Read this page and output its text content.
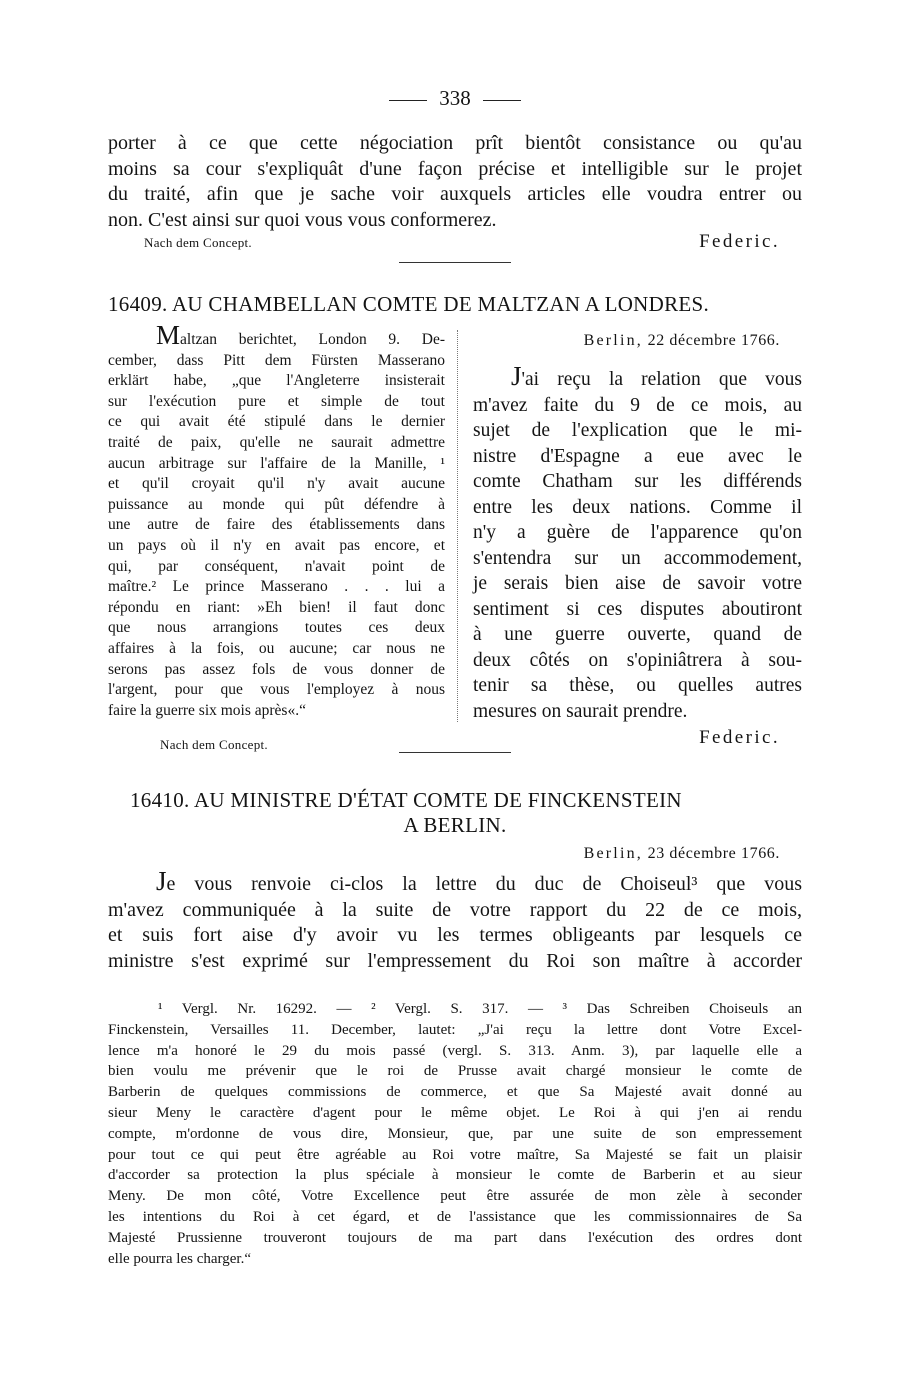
338
porter à ce que cette négociation prît bientôt consistance ou qu'au
moins sa cour s'expliquât d'une façon précise et intelligible sur le projet
du traité, afin que je sache voir auxquels articles elle voudra entrer ou
non. C'est ainsi sur quoi vous vous conformerez.
Nach dem Concept.	Federic.
16409. AU CHAMBELLAN COMTE DE MALTZAN A LONDRES.
Maltzan berichtet, London 9. De-
cember, dass Pitt dem Fürsten Masserano
erklärt habe, „que l'Angleterre insisterait
sur l'exécution pure et simple de tout
ce qui avait été stipulé dans le dernier
traité de paix, qu'elle ne saurait admettre
aucun arbitrage sur l'affaire de la Manille, ¹
et qu'il croyait qu'il n'y avait aucune
puissance au monde qui pût défendre à
une autre de faire des établissements dans
un pays où il n'y en avait pas encore, et
qui, par conséquent, n'avait point de
maître.² Le prince Masserano . . . lui a
répondu en riant: »Eh bien! il faut donc
que nous arrangions toutes ces deux
affaires à la fois, ou aucune; car nous ne
serons pas assez fols de vous donner de
l'argent, pour que vous l'employez à nous
faire la guerre six mois après«.“
Berlin, 22 décembre 1766.
J'ai reçu la relation que vous
m'avez faite du 9 de ce mois, au
sujet de l'explication que le mi-
nistre d'Espagne a eue avec le
comte Chatham sur les différends
entre les deux nations. Comme il
n'y a guère de l'apparence qu'on
s'entendra sur un accommodement,
je serais bien aise de savoir votre
sentiment si ces disputes aboutiront
à une guerre ouverte, quand de
deux côtés on s'opiniâtrera à sou-
tenir sa thèse, ou quelles autres
mesures on saurait prendre.
Nach dem Concept.	Federic.
16410. AU MINISTRE D'ÉTAT COMTE DE FINCKENSTEIN
A BERLIN.
Berlin, 23 décembre 1766.
Je vous renvoie ci-clos la lettre du duc de Choiseul³ que vous
m'avez communiquée à la suite de votre rapport du 22 de ce mois,
et suis fort aise d'y avoir vu les termes obligeants par lesquels ce
ministre s'est exprimé sur l'empressement du Roi son maître à accorder
¹ Vergl. Nr. 16292. — ² Vergl. S. 317. — ³ Das Schreiben Choiseuls an
Finckenstein, Versailles 11. December, lautet: „J'ai reçu la lettre dont Votre Excel-
lence m'a honoré le 29 du mois passé (vergl. S. 313. Anm. 3), par laquelle elle a
bien voulu me prévenir que le roi de Prusse avait chargé monsieur le comte de
Barberin de quelques commissions de commerce, et que Sa Majesté avait donné au
sieur Meny le caractère d'agent pour le même objet. Le Roi à qui j'en ai rendu
compte, m'ordonne de vous dire, Monsieur, que, par une suite de son empressement
pour tout ce qui peut être agréable au Roi votre maître, Sa Majesté se fait un plaisir
d'accorder sa protection la plus spéciale à monsieur le comte de Barberin et au sieur
Meny. De mon côté, Votre Excellence peut être assurée de mon zèle à seconder
les intentions du Roi à cet égard, et de l'assistance que les commissionnaires de Sa
Majesté Prussienne trouveront toujours de ma part dans l'exécution des ordres dont
elle pourra les charger.“
